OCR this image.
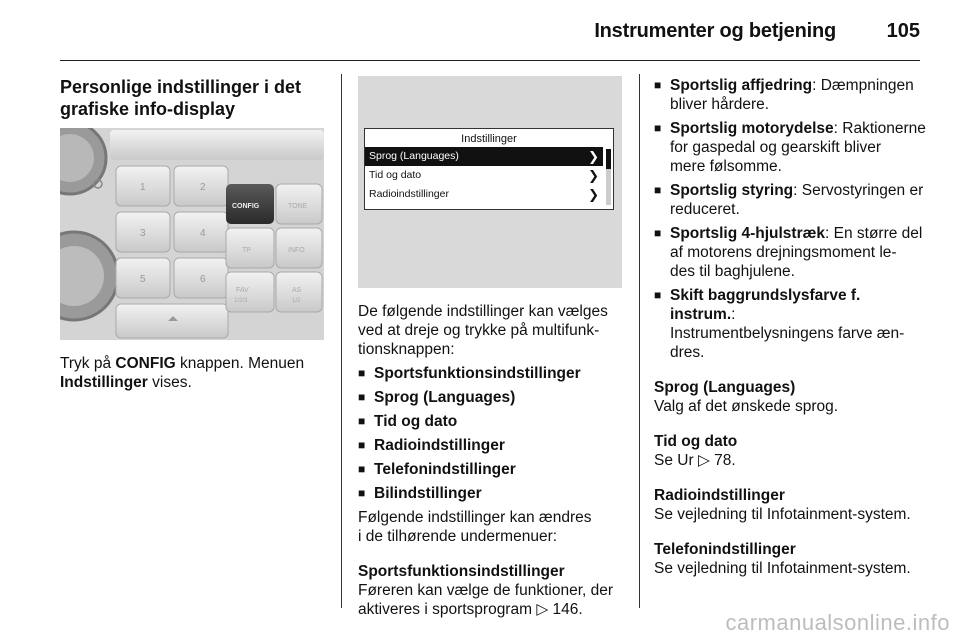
Instrumenter og betjening	105
Personlige indstillinger i det
grafiske info-display
1	2
3	4
5	6
CONFIG	TONE
TP	INFO
FAV
1/2/3
AS
1/2

Tryk på CONFIG knappen. Menuen
Indstillinger vises.

Indstillinger
Sprog (Languages)	❯
Tid og dato	❯
Radioindstillinger	❯

De følgende indstillinger kan vælges
ved at dreje og trykke på multifunk-
tionsknappen:

■ Sportsfunktionsindstillinger
■ Sprog (Languages)
■ Tid og dato
■ Radioindstillinger
■ Telefonindstillinger
■ Bilindstillinger

Følgende indstillinger kan ændres
i de tilhørende undermenuer:

Sportsfunktionsindstillinger

Føreren kan vælge de funktioner, der
aktiveres i sportsprogram ▷ 146.

■ Sportslig affjedring: Dæmpningen
bliver hårdere.
■ Sportslig motorydelse: Raktionerne
for gaspedal og gearskift bliver
mere følsomme.
■ Sportslig styring: Servostyringen er
reduceret.
■ Sportslig 4-hjulstræk: En større del
af motorens drejningsmoment le-
des til baghjulene.
■ Skift baggrundslysfarve f. instrum.:
Instrumentbelysningens farve æn-
dres.

Sprog (Languages)

Valg af det ønskede sprog.

Tid og dato

Se Ur ▷ 78.

Radioindstillinger

Se vejledning til Infotainment-system.

Telefonindstillinger

Se vejledning til Infotainment-system.

carmanualsonline.info
